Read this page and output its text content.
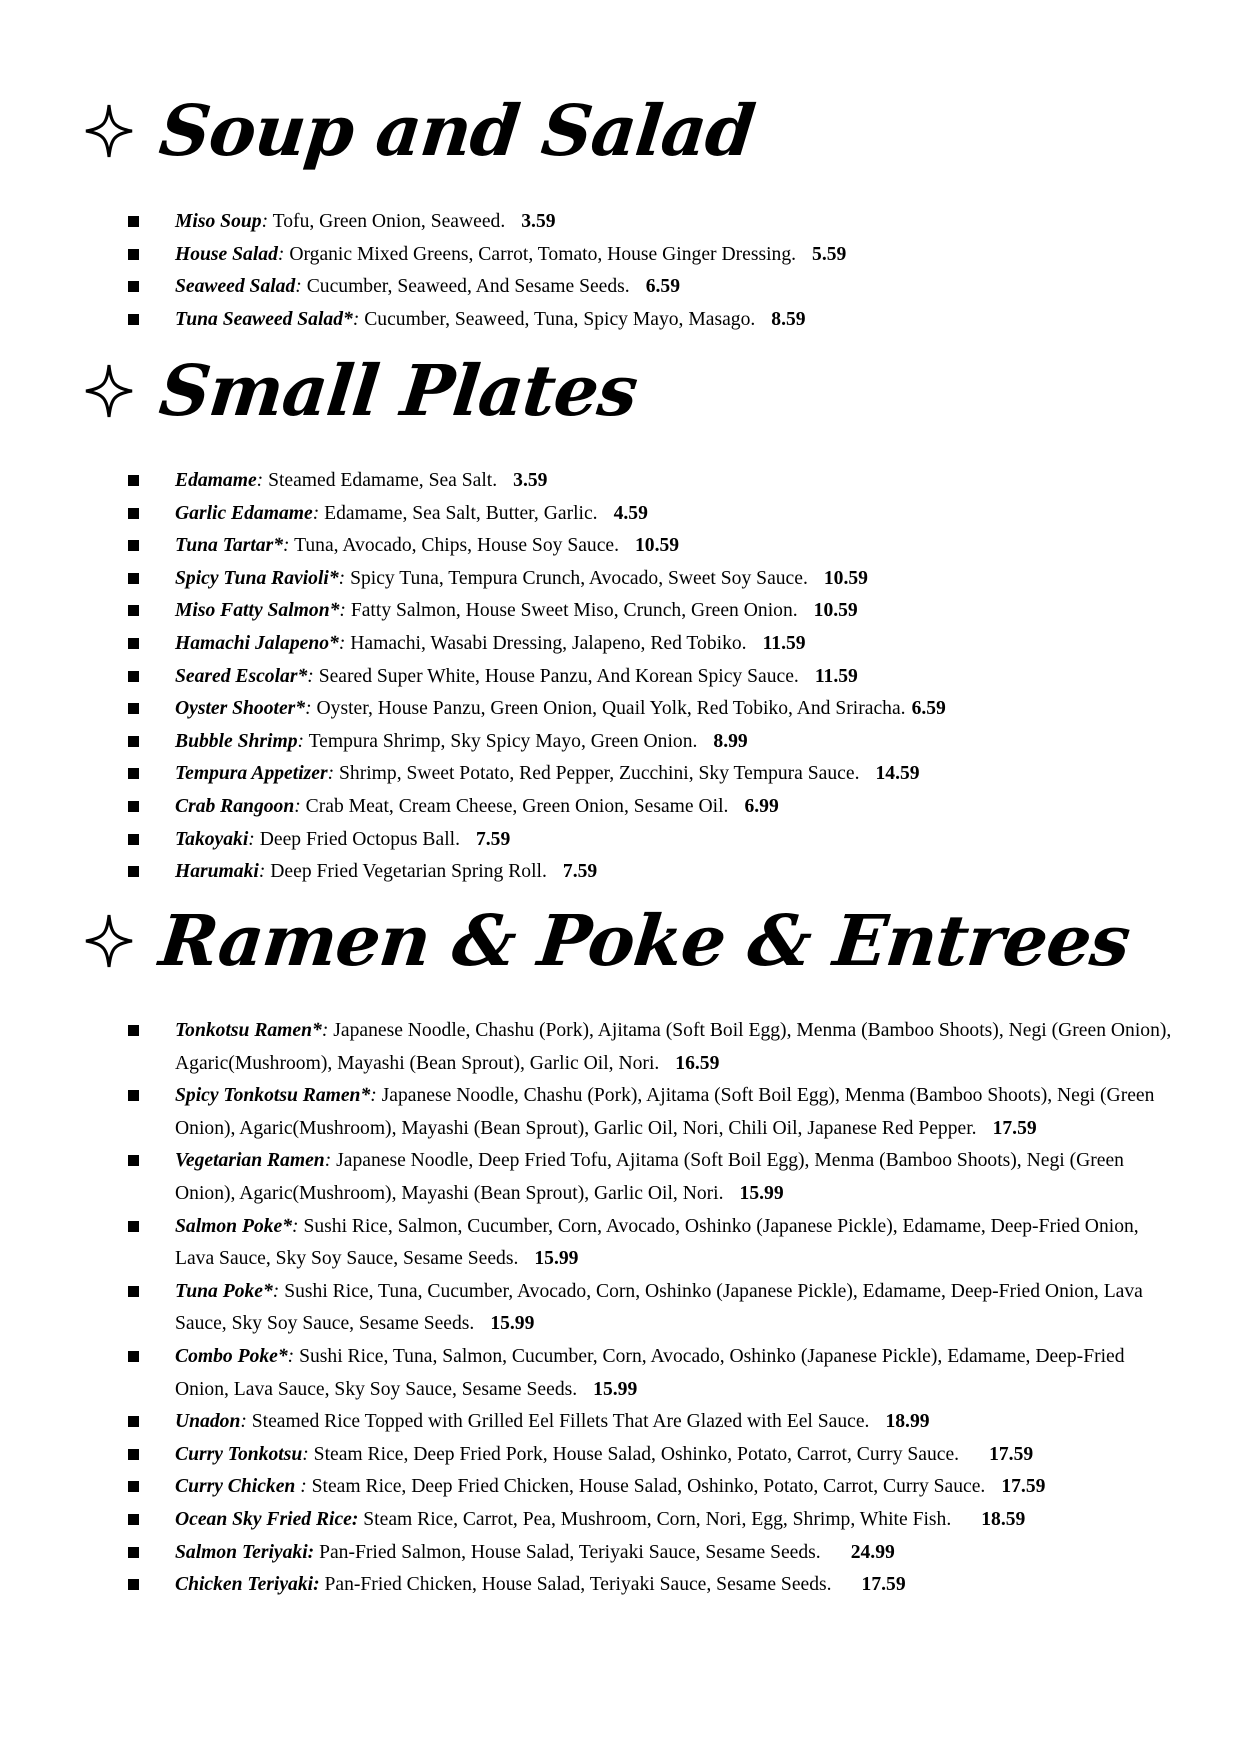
Soup and Salad
Miso Soup: Tofu, Green Onion, Seaweed. 3.59
House Salad: Organic Mixed Greens, Carrot, Tomato, House Ginger Dressing. 5.59
Seaweed Salad: Cucumber, Seaweed, And Sesame Seeds. 6.59
Tuna Seaweed Salad*: Cucumber, Seaweed, Tuna, Spicy Mayo, Masago. 8.59
Small Plates
Edamame: Steamed Edamame, Sea Salt. 3.59
Garlic Edamame: Edamame, Sea Salt, Butter, Garlic. 4.59
Tuna Tartar*: Tuna, Avocado, Chips, House Soy Sauce. 10.59
Spicy Tuna Ravioli*: Spicy Tuna, Tempura Crunch, Avocado, Sweet Soy Sauce. 10.59
Miso Fatty Salmon*: Fatty Salmon, House Sweet Miso, Crunch, Green Onion. 10.59
Hamachi Jalapeno*: Hamachi, Wasabi Dressing, Jalapeno, Red Tobiko. 11.59
Seared Escolar*: Seared Super White, House Panzu, And Korean Spicy Sauce. 11.59
Oyster Shooter*: Oyster, House Panzu, Green Onion, Quail Yolk, Red Tobiko, And Sriracha. 6.59
Bubble Shrimp: Tempura Shrimp, Sky Spicy Mayo, Green Onion. 8.99
Tempura Appetizer: Shrimp, Sweet Potato, Red Pepper, Zucchini, Sky Tempura Sauce. 14.59
Crab Rangoon: Crab Meat, Cream Cheese, Green Onion, Sesame Oil. 6.99
Takoyaki: Deep Fried Octopus Ball. 7.59
Harumaki: Deep Fried Vegetarian Spring Roll. 7.59
Ramen & Poke & Entrees
Tonkotsu Ramen*: Japanese Noodle, Chashu (Pork), Ajitama (Soft Boil Egg), Menma (Bamboo Shoots), Negi (Green Onion), Agaric(Mushroom), Mayashi (Bean Sprout), Garlic Oil, Nori. 16.59
Spicy Tonkotsu Ramen*: Japanese Noodle, Chashu (Pork), Ajitama (Soft Boil Egg), Menma (Bamboo Shoots), Negi (Green Onion), Agaric(Mushroom), Mayashi (Bean Sprout), Garlic Oil, Nori, Chili Oil, Japanese Red Pepper. 17.59
Vegetarian Ramen: Japanese Noodle, Deep Fried Tofu, Ajitama (Soft Boil Egg), Menma (Bamboo Shoots), Negi (Green Onion), Agaric(Mushroom), Mayashi (Bean Sprout), Garlic Oil, Nori. 15.99
Salmon Poke*: Sushi Rice, Salmon, Cucumber, Corn, Avocado, Oshinko (Japanese Pickle), Edamame, Deep-Fried Onion, Lava Sauce, Sky Soy Sauce, Sesame Seeds. 15.99
Tuna Poke*: Sushi Rice, Tuna, Cucumber, Avocado, Corn, Oshinko (Japanese Pickle), Edamame, Deep-Fried Onion, Lava Sauce, Sky Soy Sauce, Sesame Seeds. 15.99
Combo Poke*: Sushi Rice, Tuna, Salmon, Cucumber, Corn, Avocado, Oshinko (Japanese Pickle), Edamame, Deep-Fried Onion, Lava Sauce, Sky Soy Sauce, Sesame Seeds. 15.99
Unadon: Steamed Rice Topped with Grilled Eel Fillets That Are Glazed with Eel Sauce. 18.99
Curry Tonkotsu: Steam Rice, Deep Fried Pork, House Salad, Oshinko, Potato, Carrot, Curry Sauce. 17.59
Curry Chicken : Steam Rice, Deep Fried Chicken, House Salad, Oshinko, Potato, Carrot, Curry Sauce. 17.59
Ocean Sky Fried Rice: Steam Rice, Carrot, Pea, Mushroom, Corn, Nori, Egg, Shrimp, White Fish. 18.59
Salmon Teriyaki: Pan-Fried Salmon, House Salad, Teriyaki Sauce, Sesame Seeds. 24.99
Chicken Teriyaki: Pan-Fried Chicken, House Salad, Teriyaki Sauce, Sesame Seeds. 17.59
